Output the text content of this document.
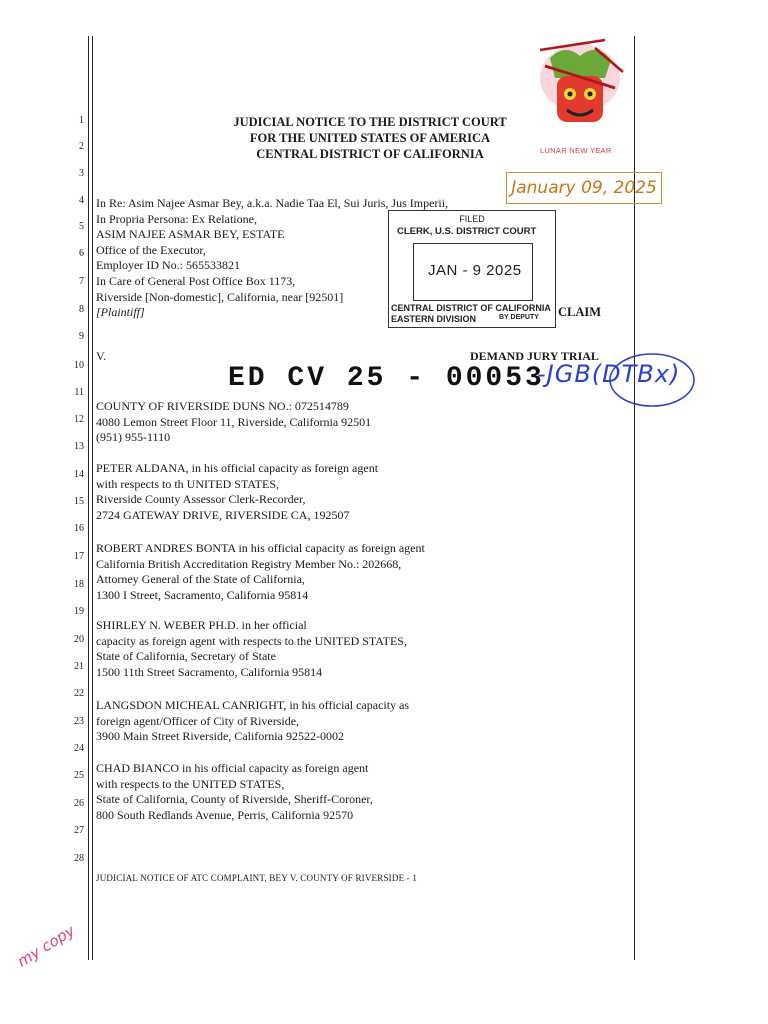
1
2
3
4
5
6
7
8
9
10
11
12
13
14
15
16
17
18
19
20
21
22
23
24
25
26
27
28
JUDICIAL NOTICE TO THE DISTRICT COURT
FOR THE UNITED STATES OF AMERICA
CENTRAL DISTRICT OF CALIFORNIA	LUNAR NEW YEAR
January 09, 2025
In Re: Asim Najee Asmar Bey, a.k.a. Nadie Taa El, Sui Juris, Jus Imperii,
In Propria Persona: Ex Relatione,
ASIM NAJEE ASMAR BEY, ESTATE
Office of the Executor,
Employer ID No.: 565533821
In Care of General Post Office Box 1173,
Riverside [Non-domestic], California, near [92501]
[Plaintiff]
FILED
CLERK, U.S. DISTRICT COURT
JAN - 9 2025
CENTRAL DISTRICT OF CALIFORNIA
EASTERN DIVISION	BY DEPUTY CLAIM
V.	DEMAND JURY TRIAL
ED CV 25 - 00053
-JGB(DTBx)
COUNTY OF RIVERSIDE DUNS NO.: 072514789
4080 Lemon Street Floor 11, Riverside, California 92501
(951) 955-1110
PETER ALDANA, in his official capacity as foreign agent
with respects to th UNITED STATES,
Riverside County Assessor Clerk-Recorder,
2724 GATEWAY DRIVE, RIVERSIDE CA, 192507
ROBERT ANDRES BONTA in his official capacity as foreign agent
California British Accreditation Registry Member No.: 202668,
Attorney General of the State of California,
1300 I Street, Sacramento, California 95814
SHIRLEY N. WEBER PH.D. in her official
capacity as foreign agent with respects to the UNITED STATES,
State of California, Secretary of State
1500 11th Street Sacramento, California 95814
LANGSDON MICHEAL CANRIGHT, in his official capacity as
foreign agent/Officer of City of Riverside,
3900 Main Street Riverside, California 92522-0002
CHAD BIANCO in his official capacity as foreign agent
with respects to the UNITED STATES,
State of California, County of Riverside, Sheriff-Coroner,
800 South Redlands Avenue, Perris, California 92570
JUDICIAL NOTICE OF ATC COMPLAINT, BEY V. COUNTY OF RIVERSIDE - 1
my copy
